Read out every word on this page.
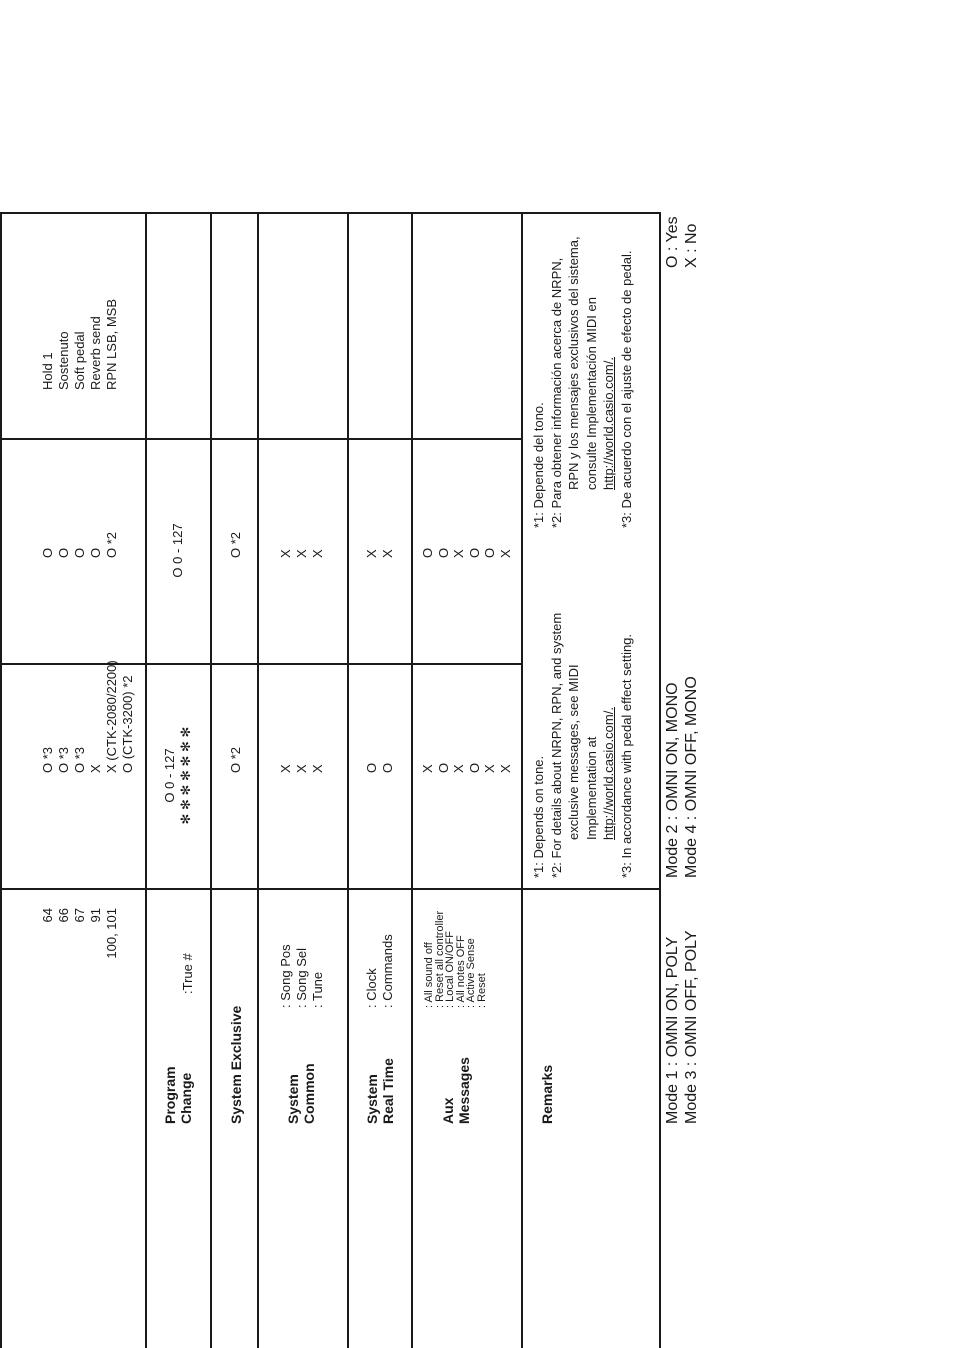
64 66 67 91 100, 101
O *3 O *3 O *3 X X (CTK-2080/2200) O (CTK-3200) *2
O O O O O *2
Hold 1 Sostenuto Soft pedal Reverb send RPN LSB, MSB
Program Change
:True #
O 0 - 127 ✻ ✻ ✻ ✻ ✻ ✻ ✻
O 0 - 127
System Exclusive
O *2
O *2
System Common
: Song Pos : Song Sel : Tune
X X X
X X X
System Real Time
: Clock : Commands
O O
X X
Aux Messages
: All sound off
: Reset all controller
: Local ON/OFF
: All notes OFF
: Active Sense
: Reset
X O X O X X
O O X O O X
Remarks
*1: Depends on tone. *2: For details about NRPN, RPN, and system exclusive messages, see MIDI Implementation at http://world.casio.com/. *3: In accordance with pedal effect setting.
*1: Depende del tono. *2: Para obtener información acerca de NRPN, RPN y los mensajes exclusivos del sistema, consulte Implementación MIDI en http://world.casio.com/. *3: De acuerdo con el ajuste de efecto de pedal.
Mode 1 : OMNI ON, POLY Mode 3 : OMNI OFF, POLY
Mode 2 : OMNI ON, MONO Mode 4 : OMNI OFF, MONO
O : Yes X : No
